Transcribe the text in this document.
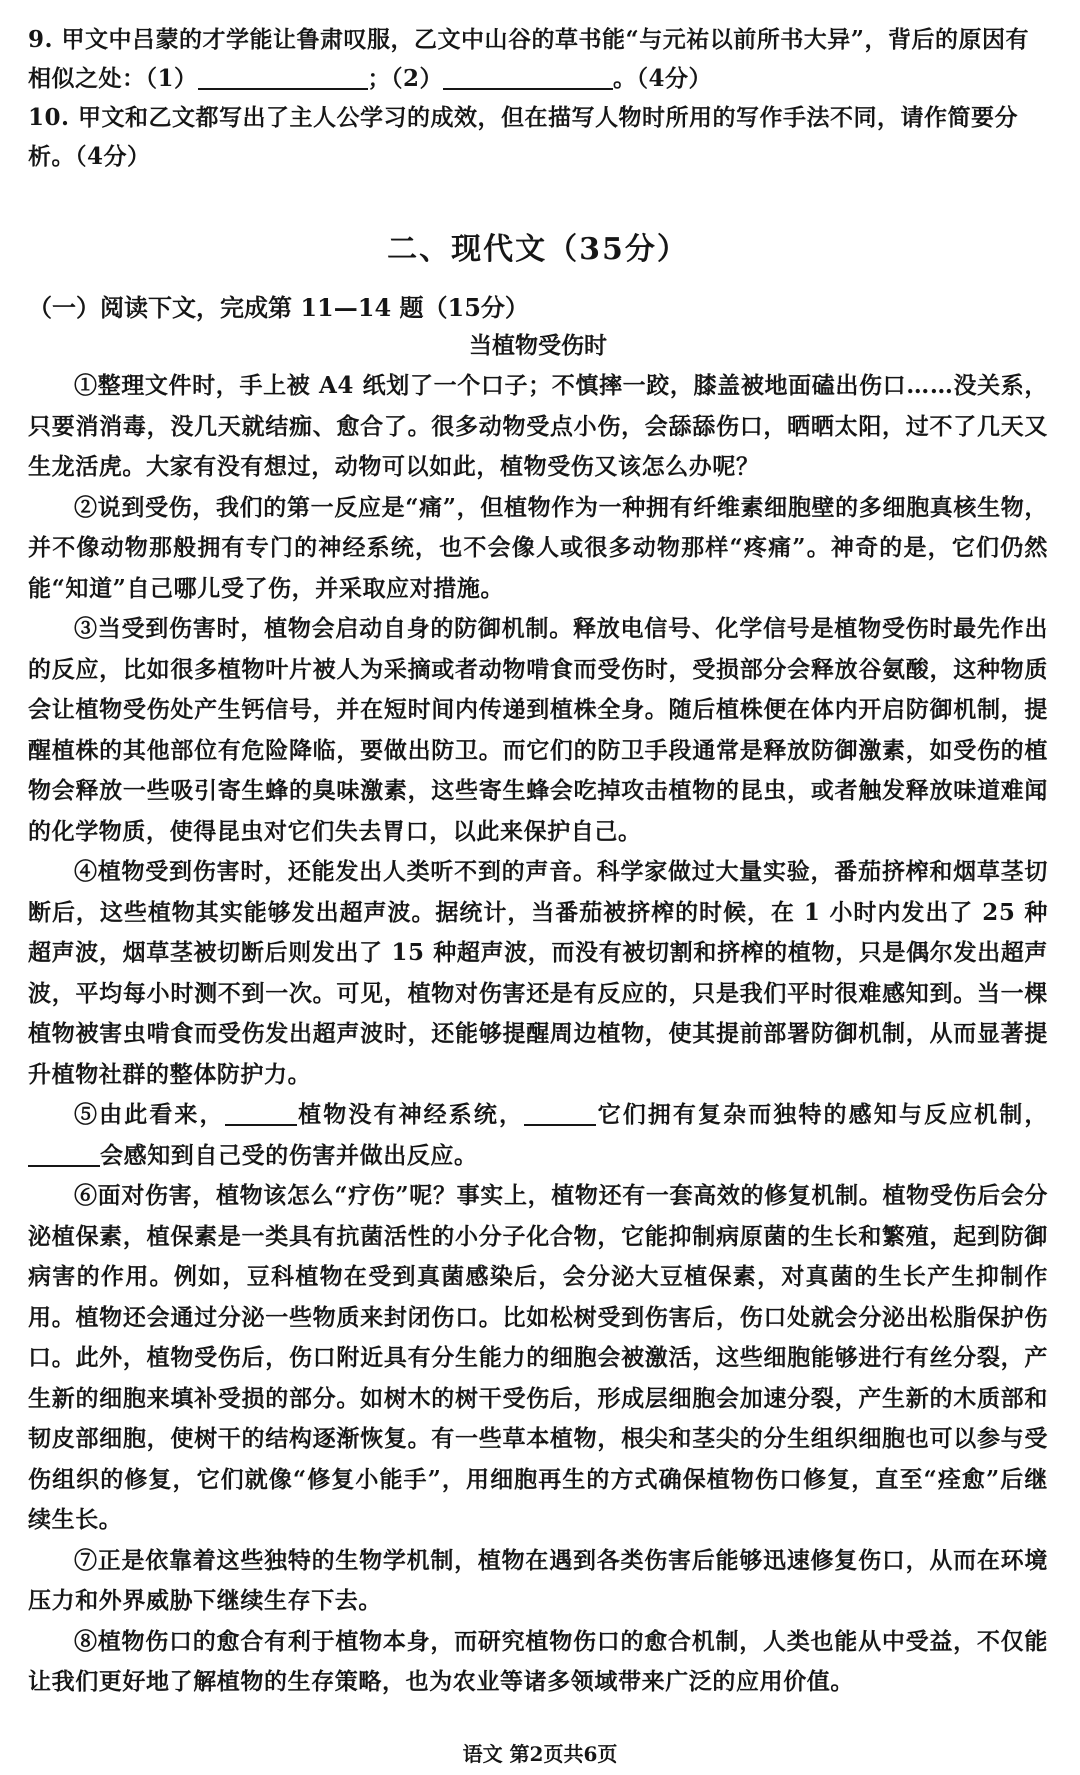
9. 甲文中吕蒙的才学能让鲁肃叹服，乙文中山谷的草书能“与元祐以前所书大异”，背后的原因有相似之处：（1）	；（2）	。（4分）

10. 甲文和乙文都写出了主人公学习的成效，但在描写人物时所用的写作手法不同，请作简要分析。（4分）

二、现代文（35分）

（一）阅读下文，完成第 11—14 题（15分）

当植物受伤时

①整理文件时，手上被 A4 纸划了一个口子；不慎摔一跤，膝盖被地面磕出伤口……没关系，只要消消毒，没几天就结痂、愈合了。很多动物受点小伤，会舔舔伤口，晒晒太阳，过不了几天又生龙活虎。大家有没有想过，动物可以如此，植物受伤又该怎么办呢？

②说到受伤，我们的第一反应是“痛”，但植物作为一种拥有纤维素细胞壁的多细胞真核生物，并不像动物那般拥有专门的神经系统，也不会像人或很多动物那样“疼痛”。神奇的是，它们仍然能“知道”自己哪儿受了伤，并采取应对措施。

③当受到伤害时，植物会启动自身的防御机制。释放电信号、化学信号是植物受伤时最先作出的反应，比如很多植物叶片被人为采摘或者动物啃食而受伤时，受损部分会释放谷氨酸，这种物质会让植物受伤处产生钙信号，并在短时间内传递到植株全身。随后植株便在体内开启防御机制，提醒植株的其他部位有危险降临，要做出防卫。而它们的防卫手段通常是释放防御激素，如受伤的植物会释放一些吸引寄生蜂的臭味激素，这些寄生蜂会吃掉攻击植物的昆虫，或者触发释放味道难闻的化学物质，使得昆虫对它们失去胃口，以此来保护自己。

④植物受到伤害时，还能发出人类听不到的声音。科学家做过大量实验，番茄挤榨和烟草茎切断后，这些植物其实能够发出超声波。据统计，当番茄被挤榨的时候，在 1 小时内发出了 25 种超声波，烟草茎被切断后则发出了 15 种超声波，而没有被切割和挤榨的植物，只是偶尔发出超声波，平均每小时测不到一次。可见，植物对伤害还是有反应的，只是我们平时很难感知到。当一棵植物被害虫啃食而受伤发出超声波时，还能够提醒周边植物，使其提前部署防御机制，从而显著提升植物社群的整体防护力。

⑤由此看来，	植物没有神经系统，	它们拥有复杂而独特的感知与反应机制，会感知到自己受的伤害并做出反应。

⑥面对伤害，植物该怎么“疗伤”呢？事实上，植物还有一套高效的修复机制。植物受伤后会分泌植保素，植保素是一类具有抗菌活性的小分子化合物，它能抑制病原菌的生长和繁殖，起到防御病害的作用。例如，豆科植物在受到真菌感染后，会分泌大豆植保素，对真菌的生长产生抑制作用。植物还会通过分泌一些物质来封闭伤口。比如松树受到伤害后，伤口处就会分泌出松脂保护伤口。此外，植物受伤后，伤口附近具有分生能力的细胞会被激活，这些细胞能够进行有丝分裂，产生新的细胞来填补受损的部分。如树木的树干受伤后，形成层细胞会加速分裂，产生新的木质部和韧皮部细胞，使树干的结构逐渐恢复。有一些草本植物，根尖和茎尖的分生组织细胞也可以参与受伤组织的修复，它们就像“修复小能手”，用细胞再生的方式确保植物伤口修复，直至“痊愈”后继续生长。

⑦正是依靠着这些独特的生物学机制，植物在遇到各类伤害后能够迅速修复伤口，从而在环境压力和外界威胁下继续生存下去。

⑧植物伤口的愈合有利于植物本身，而研究植物伤口的愈合机制，人类也能从中受益，不仅能让我们更好地了解植物的生存策略，也为农业等诸多领域带来广泛的应用价值。

语文 第2页共6页
